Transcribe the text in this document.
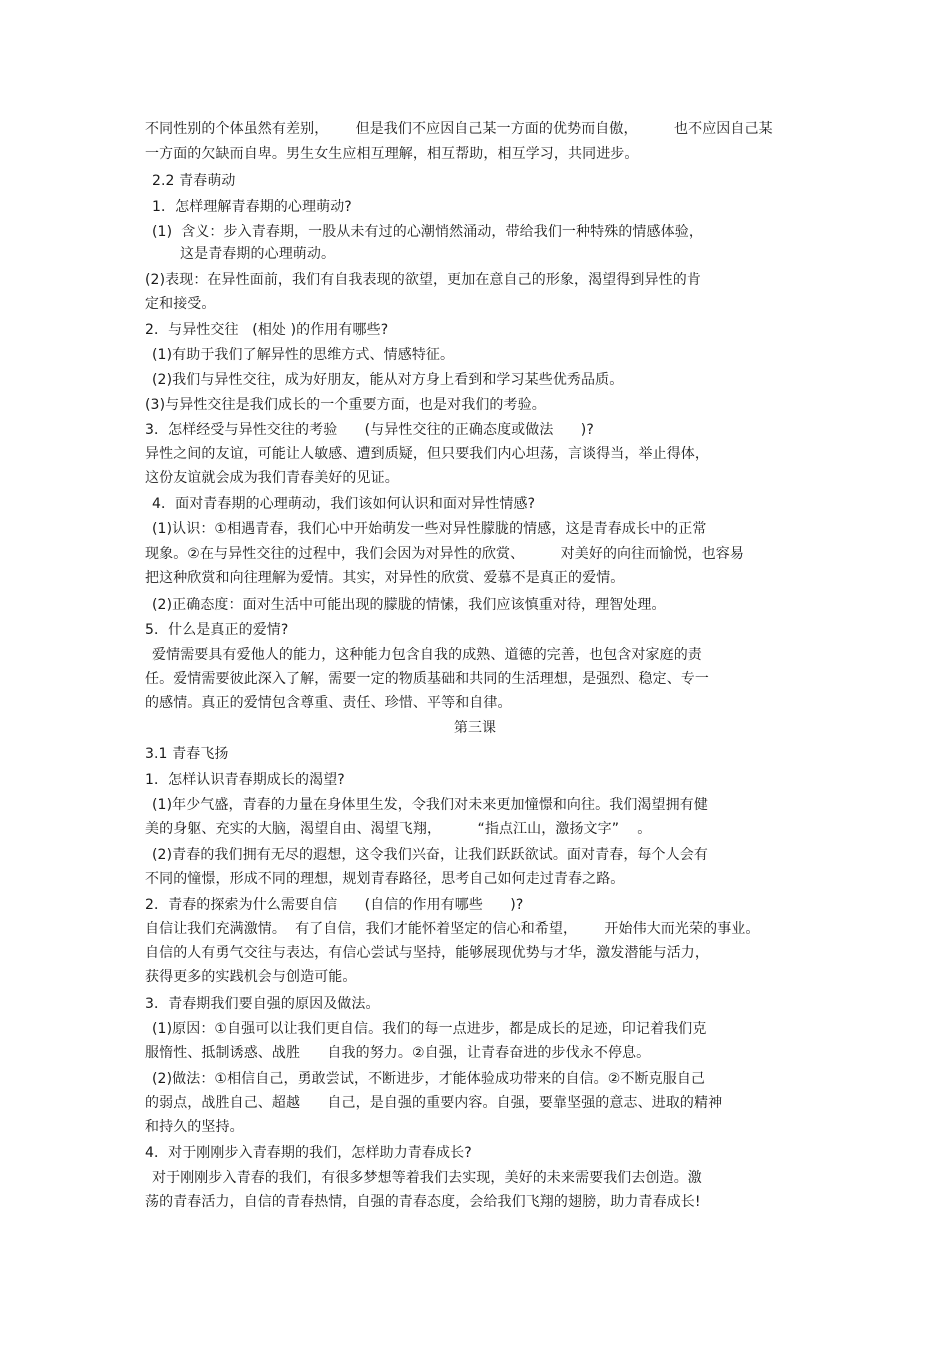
不同性别的个体虽然有差别，      但是我们不应因自己某一方面的优势而自傲，        也不应因自己某
一方面的欠缺而自卑。男生女生应相互理解，相互帮助，相互学习，共同进步。
2.2 青春萌动
1．怎样理解青春期的心理萌动?
(1)  含义：步入青春期，一股从未有过的心潮悄然涌动，带给我们一种特殊的情感体验，
这是青春期的心理萌动。
(2)表现：在异性面前，我们有自我表现的欲望，更加在意自己的形象，渴望得到异性的肯
定和接受。
2．与异性交往   (相处 )的作用有哪些?
(1)有助于我们了解异性的思维方式、情感特征。
(2)我们与异性交往，成为好朋友，能从对方身上看到和学习某些优秀品质。
(3)与异性交往是我们成长的一个重要方面，也是对我们的考验。
3．怎样经受与异性交往的考验      (与异性交往的正确态度或做法      )?
异性之间的友谊，可能让人敏感、遭到质疑，但只要我们内心坦荡，言谈得当，举止得体，
这份友谊就会成为我们青春美好的见证。
4．面对青春期的心理萌动，我们该如何认识和面对异性情感?
(1)认识：①相遇青春，我们心中开始萌发一些对异性朦胧的情感，这是青春成长中的正常
现象。②在与异性交往的过程中，我们会因为对异性的欣赏、        对美好的向往而愉悦，也容易
把这种欣赏和向往理解为爱情。其实，对异性的欣赏、爱慕不是真正的爱情。
(2)正确态度：面对生活中可能出现的朦胧的情愫，我们应该慎重对待，理智处理。
5．什么是真正的爱情?
爱情需要具有爱他人的能力，这种能力包含自我的成熟、道德的完善，也包含对家庭的责
任。爱情需要彼此深入了解，需要一定的物质基础和共同的生活理想，是强烈、稳定、专一
的感情。真正的爱情包含尊重、责任、珍惜、平等和自律。
第三课
3.1 青春飞扬
1．怎样认识青春期成长的渴望?
(1)年少气盛，青春的力量在身体里生发，令我们对未来更加憧憬和向往。我们渴望拥有健
美的身躯、充实的大脑，渴望自由、渴望飞翔，        “指点江山，激扬文字”    。
(2)青春的我们拥有无尽的遐想，这令我们兴奋，让我们跃跃欲试。面对青春，每个人会有
不同的憧憬，形成不同的理想，规划青春路径，思考自己如何走过青春之路。
2．青春的探索为什么需要自信      (自信的作用有哪些      )?
自信让我们充满激情。  有了自信，我们才能怀着坚定的信心和希望，      开始伟大而光荣的事业。
自信的人有勇气交往与表达，有信心尝试与坚持，能够展现优势与才华，激发潜能与活力，
获得更多的实践机会与创造可能。
3．青春期我们要自强的原因及做法。
(1)原因：①自强可以让我们更自信。我们的每一点进步，都是成长的足迹，印记着我们克
服惰性、抵制诱惑、战胜      自我的努力。②自强，让青春奋进的步伐永不停息。
(2)做法：①相信自己，勇敢尝试，不断进步，才能体验成功带来的自信。②不断克服自己
的弱点，战胜自己、超越      自己，是自强的重要内容。自强，要靠坚强的意志、进取的精神
和持久的坚持。
4．对于刚刚步入青春期的我们，怎样助力青春成长?
对于刚刚步入青春的我们，有很多梦想等着我们去实现，美好的未来需要我们去创造。激
荡的青春活力，自信的青春热情，自强的青春态度，会给我们飞翔的翅膀，助力青春成长!
